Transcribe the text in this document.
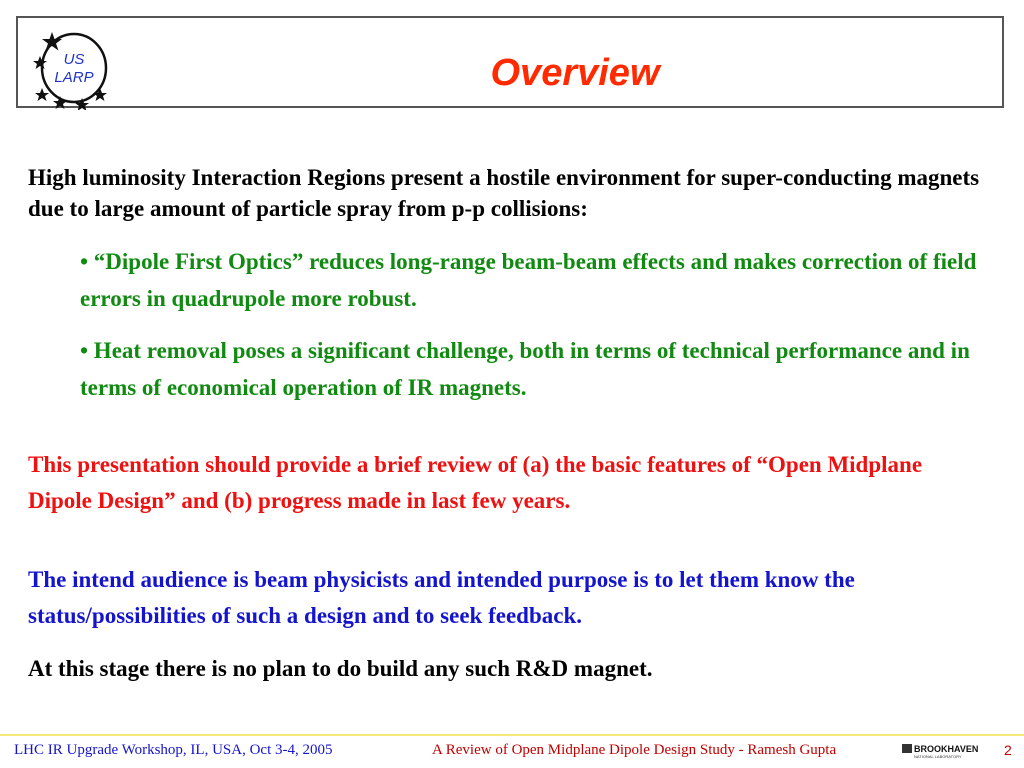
US
LARP	Overview
High luminosity Interaction Regions present a hostile environment for super-conducting magnets due to large amount of particle spray from p-p collisions:
• “Dipole First Optics” reduces long-range beam-beam effects and makes correction of field errors in quadrupole more robust.
• Heat removal poses a significant challenge, both in terms of technical performance and in terms of economical operation of IR magnets.
This presentation should provide a brief review of (a) the basic features of “Open Midplane Dipole Design” and (b) progress made in last few years.
The intend audience is beam physicists and intended purpose is to let them know the status/possibilities of such a design and to seek feedback.
At this stage there is no plan to do build any such R&D magnet.
LHC IR Upgrade Workshop, IL, USA, Oct 3-4, 2005	A Review of Open Midplane Dipole Design Study - Ramesh Gupta	BROOKHAVEN
NATIONAL LABORATORY	2
